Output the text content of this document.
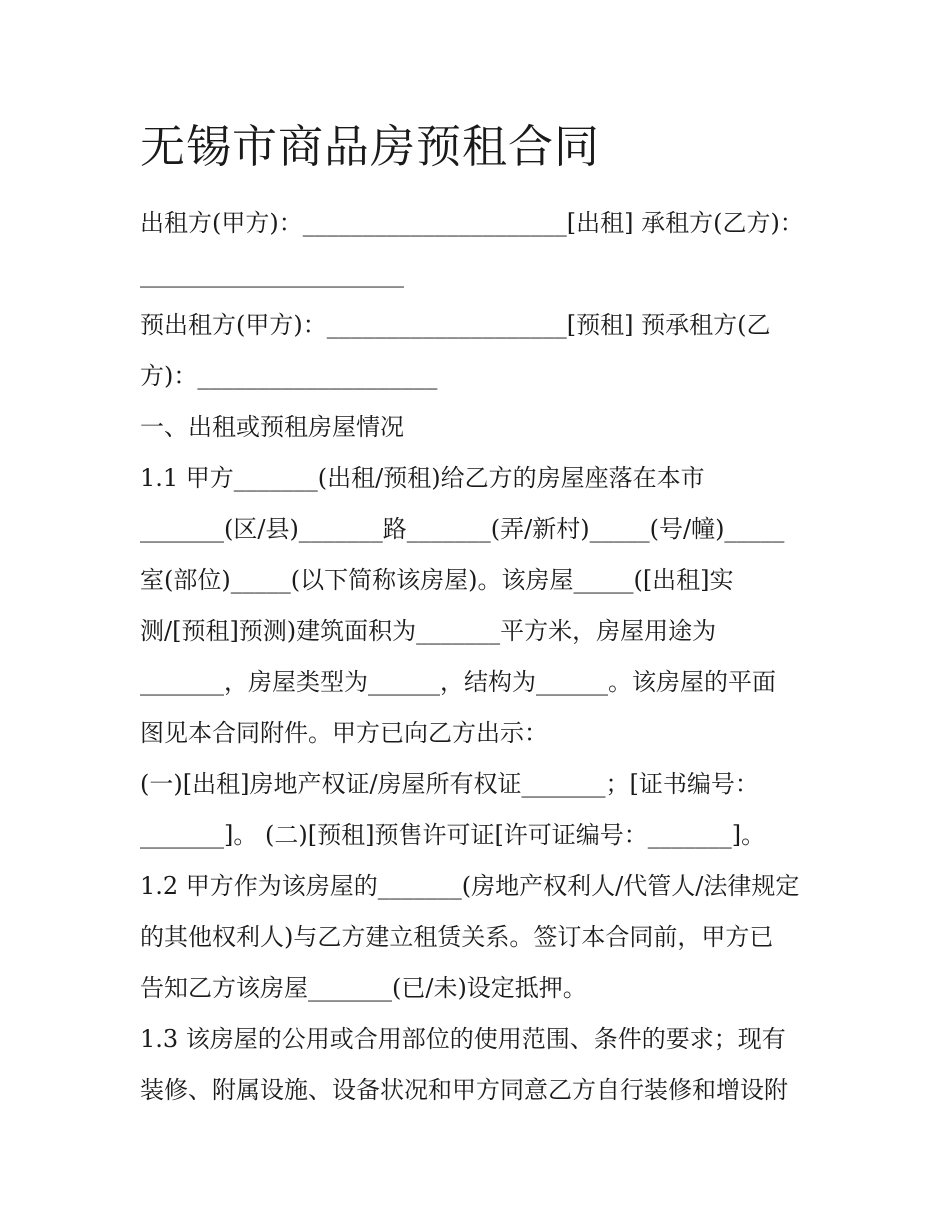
无锡市商品房预租合同
出租方(甲方)：______________________[出租] 承租方(乙方)：
______________________
预出租方(甲方)：____________________[预租] 预承租方(乙
方)：____________________
一、出租或预租房屋情况
1.1 甲方_______(出租/预租)给乙方的房屋座落在本市
_______(区/县)_______路_______(弄/新村)_____(号/幢)_____
室(部位)_____(以下简称该房屋)。该房屋_____([出租]实
测/[预租]预测)建筑面积为_______平方米，房屋用途为
_______，房屋类型为______，结构为______。该房屋的平面
图见本合同附件。甲方已向乙方出示：
(一)[出租]房地产权证/房屋所有权证_______；[证书编号：
_______]。 (二)[预租]预售许可证[许可证编号：_______]。
1.2 甲方作为该房屋的_______(房地产权利人/代管人/法律规定
的其他权利人)与乙方建立租赁关系。签订本合同前，甲方已
告知乙方该房屋_______(已/未)设定抵押。
1.3 该房屋的公用或合用部位的使用范围、条件的要求；现有
装修、附属设施、设备状况和甲方同意乙方自行装修和增设附
